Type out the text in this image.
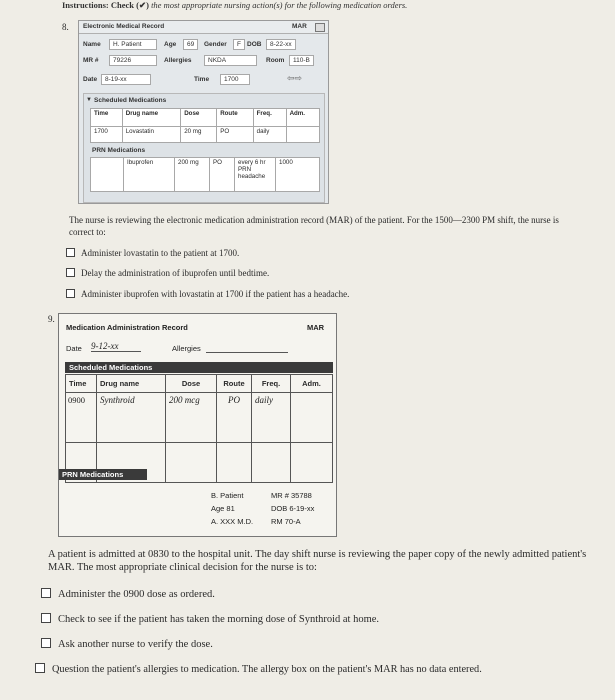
Instructions: Check (✔) the most appropriate nursing action(s) for the following medication orders.
8. Electronic Medical Record	MAR
Name	H. Patient	Age	69	Gender	F DOB	8-22-xx
MR #	79226	Allergies	NKDA	Room	110-B
Date	8-19-xx	Time	1700	⇦⇨
▼ Scheduled Medications
Time	Drug name	Dose	Route	Freq.	Adm.
1700	Lovastatin	20 mg	PO	daily	
PRN Medications
	Ibuprofen	200 mg	PO	every 6 hr PRN headache	1000
The nurse is reviewing the electronic medication administration record (MAR) of the patient. For the 1500—2300 PM shift, the nurse is correct to:
Administer lovastatin to the patient at 1700.
Delay the administration of ibuprofen until bedtime.
Administer ibuprofen with lovastatin at 1700 if the patient has a headache.
9.
Medication Administration Record	MAR
Date 9-12-xx	Allergies
Scheduled Medications
Time	Drug name	Dose	Route	Freq.	Adm.
0900	Synthroid	200 mcg	PO	daily	

PRN Medications
B. Patient	MR # 35788
Age 81	DOB 6-19-xx
A. XXX M.D. RM 70-A
A patient is admitted at 0830 to the hospital unit. The day shift nurse is reviewing the paper copy of the newly admitted patient's MAR. The most appropriate clinical decision for the nurse is to:
Administer the 0900 dose as ordered.
Check to see if the patient has taken the morning dose of Synthroid at home.
Ask another nurse to verify the dose.
Question the patient's allergies to medication. The allergy box on the patient's MAR has no data entered.
